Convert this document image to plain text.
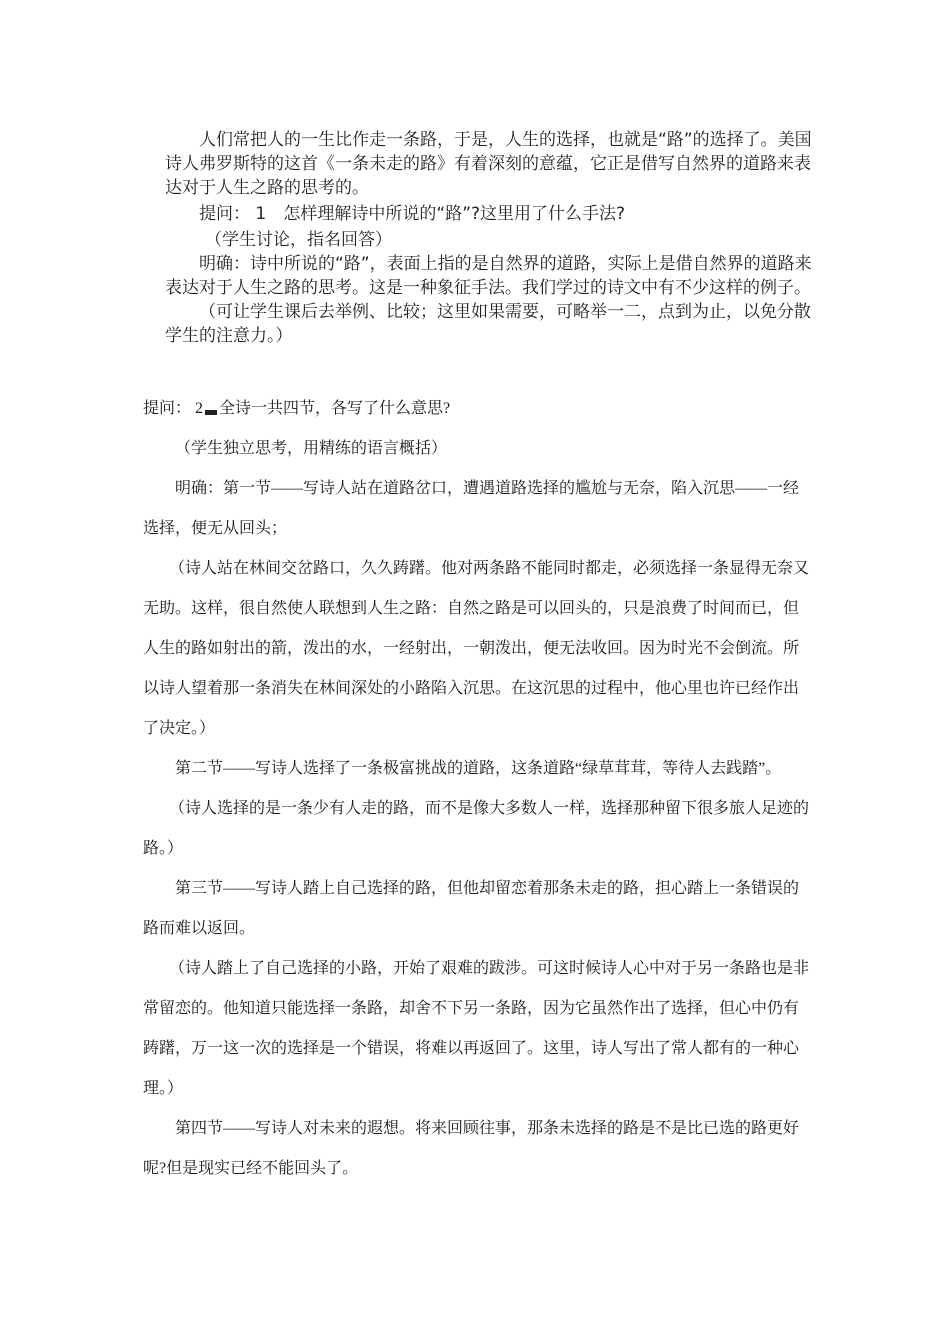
人们常把人的一生比作走一条路，于是，人生的选择，也就是“路”的选择了。美国诗人弗罗斯特的这首《一条未走的路》有着深刻的意蕴，它正是借写自然界的道路来表达对于人生之路的思考的。

提问： 1 怎样理解诗中所说的“路”?这里用了什么手法?

（学生讨论，指名回答）

明确：诗中所说的“路”，表面上指的是自然界的道路，实际上是借自然界的道路来表达对于人生之路的思考。这是一种象征手法。我们学过的诗文中有不少这样的例子。

（可让学生课后去举例、比较；这里如果需要，可略举一二，点到为止，以免分散学生的注意力。）

提问： 2 全诗一共四节，各写了什么意思?

（学生独立思考，用精练的语言概括）

明确：第一节——写诗人站在道路岔口，遭遇道路选择的尴尬与无奈，陷入沉思——一经选择，便无从回头；

（诗人站在林间交岔路口，久久踌躇。他对两条路不能同时都走，必须选择一条显得无奈又无助。这样，很自然使人联想到人生之路：自然之路是可以回头的，只是浪费了时间而已，但人生的路如射出的箭，泼出的水，一经射出，一朝泼出，便无法收回。因为时光不会倒流。所以诗人望着那一条消失在林间深处的小路陷入沉思。在这沉思的过程中，他心里也许已经作出了决定。）

第二节——写诗人选择了一条极富挑战的道路，这条道路“绿草茸茸，等待人去践踏”。

（诗人选择的是一条少有人走的路，而不是像大多数人一样，选择那种留下很多旅人足迹的路。）

第三节——写诗人踏上自己选择的路，但他却留恋着那条未走的路，担心踏上一条错误的路而难以返回。

（诗人踏上了自己选择的小路，开始了艰难的跋涉。可这时候诗人心中对于另一条路也是非常留恋的。他知道只能选择一条路，却舍不下另一条路，因为它虽然作出了选择，但心中仍有踌躇，万一这一次的选择是一个错误，将难以再返回了。这里，诗人写出了常人都有的一种心理。）

第四节——写诗人对未来的遐想。将来回顾往事，那条未选择的路是不是比已选的路更好呢?但是现实已经不能回头了。
